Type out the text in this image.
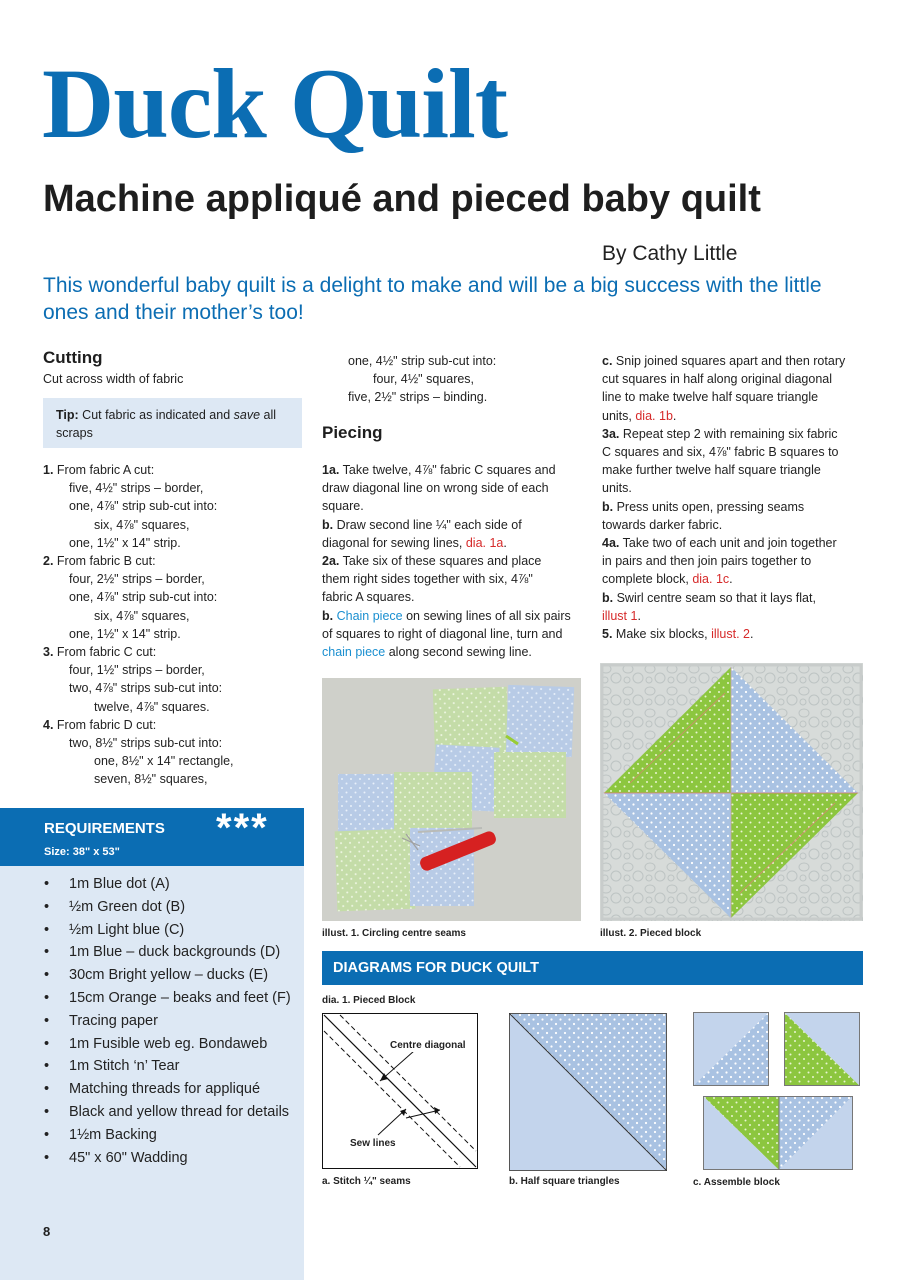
Duck Quilt
Machine appliqué and pieced baby quilt
By Cathy Little
This wonderful baby quilt is a delight to make and will be a big success with the little ones and their mother’s too!
Cutting
Cut across width of fabric
Tip: Cut fabric as indicated and save all scraps
1. From fabric A cut:
five, 4½" strips – border,
one, 4⅞" strip sub-cut into:
six, 4⅞" squares,
one, 1½" x 14" strip.
2. From fabric B cut:
four, 2½" strips – border,
one, 4⅞" strip sub-cut into:
six, 4⅞" squares,
one, 1½" x 14" strip.
3. From fabric C cut:
four, 1½" strips – border,
two, 4⅞" strips sub-cut into:
twelve, 4⅞" squares.
4. From fabric D cut:
two, 8½" strips sub-cut into:
one, 8½" x 14" rectangle,
seven, 8½" squares,
one, 4½" strip sub-cut into:
four, 4½" squares,
five, 2½" strips – binding.
Piecing
1a. Take twelve, 4⅞" fabric C squares and
draw diagonal line on wrong side of each
square.
b. Draw second line ¼" each side of
diagonal for sewing lines, dia. 1a.
2a. Take six of these squares and place
them right sides together with six, 4⅞"
fabric A squares.
b. Chain piece on sewing lines of all six pairs
of squares to right of diagonal line, turn and
chain piece along second sewing line.
c. Snip joined squares apart and then rotary
cut squares in half along original diagonal
line to make twelve half square triangle
units, dia. 1b.
3a. Repeat step 2 with remaining six fabric
C squares and six, 4⅞" fabric B squares to
make further twelve half square triangle
units.
b. Press units open, pressing seams
towards darker fabric.
4a. Take two of each unit and join together
in pairs and then join pairs together to
complete block, dia. 1c.
b. Swirl centre seam so that it lays flat,
illust 1.
5. Make six blocks, illust. 2.
illust. 1. Circling centre seams	illust. 2. Pieced block
DIAGRAMS FOR DUCK QUILT
dia. 1. Pieced Block
Centre diagonal
Sew lines
a. Stitch ¼" seams	b. Half square triangles	c. Assemble block
REQUIREMENTS ***
Size: 38" x 53"
•	1m Blue dot (A)
•	½m Green dot (B)
•	½m Light blue (C)
•	1m Blue – duck backgrounds (D)
•	30cm Bright yellow – ducks (E)
•	15cm Orange – beaks and feet (F)
•	Tracing paper
•	1m Fusible web eg. Bondaweb
•	1m Stitch ‘n’ Tear
•	Matching threads for appliqué
•	Black and yellow thread for details
•	1½m Backing
•	45" x 60" Wadding
8
